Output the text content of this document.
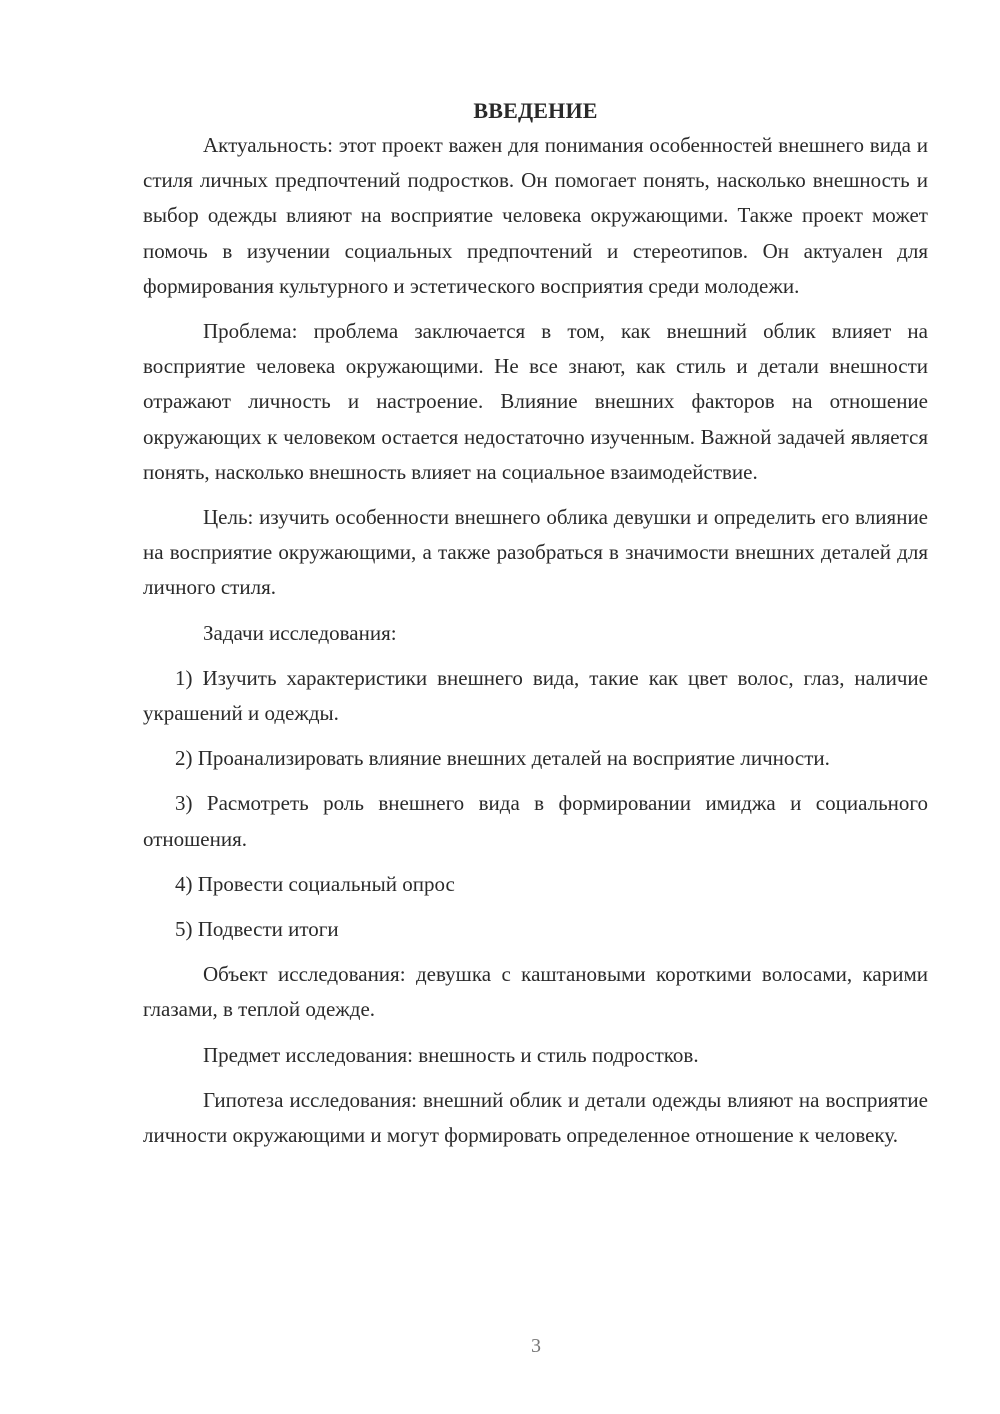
ВВЕДЕНИЕ

Актуальность: этот проект важен для понимания особенностей внешнего вида и стиля личных предпочтений подростков. Он помогает понять, насколько внешность и выбор одежды влияют на восприятие человека окружающими. Также проект может помочь в изучении социальных предпочтений и стереотипов. Он актуален для формирования культурного и эстетического восприятия среди молодежи.

Проблема: проблема заключается в том, как внешний облик влияет на восприятие человека окружающими. Не все знают, как стиль и детали внешности отражают личность и настроение. Влияние внешних факторов на отношение окружающих к человеком остается недостаточно изученным. Важной задачей является понять, насколько внешность влияет на социальное взаимодействие.

Цель: изучить особенности внешнего облика девушки и определить его влияние на восприятие окружающими, а также разобраться в значимости внешних деталей для личного стиля.

Задачи исследования:

1) Изучить характеристики внешнего вида, такие как цвет волос, глаз, наличие украшений и одежды.

2) Проанализировать влияние внешних деталей на восприятие личности.

3) Расмотреть роль внешнего вида в формировании имиджа и социального отношения.

4) Провести социальный опрос

5) Подвести итоги

Объект исследования: девушка с каштановыми короткими волосами, карими глазами, в теплой одежде.

Предмет исследования: внешность и стиль подростков.

Гипотеза исследования: внешний облик и детали одежды влияют на восприятие личности окружающими и могут формировать определенное отношение к человеку.

3
